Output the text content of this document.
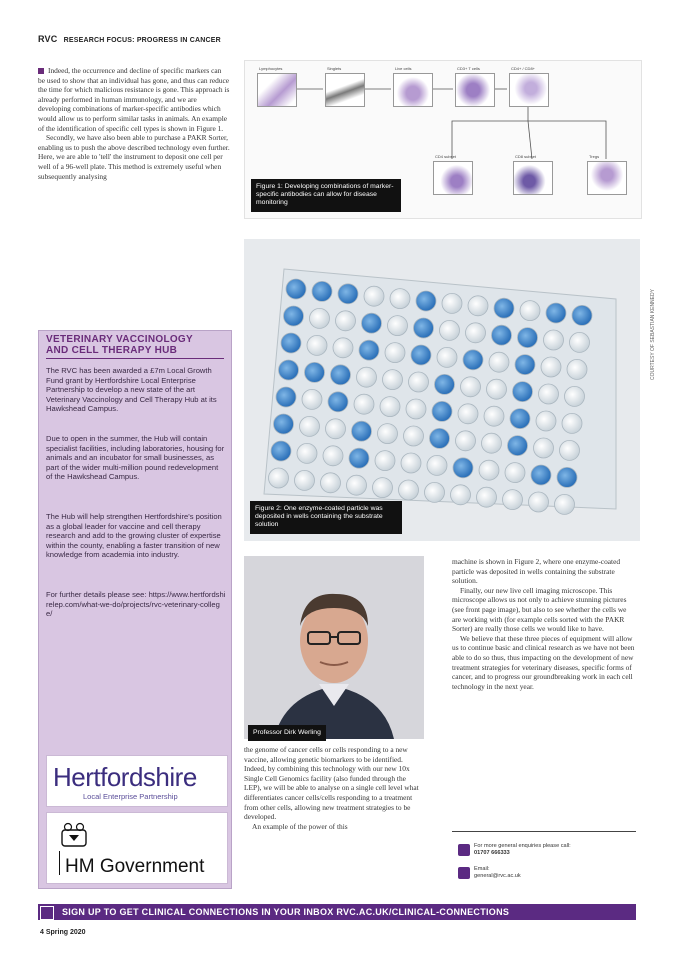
RVC RESEARCH FOCUS: PROGRESS IN CANCER

Indeed, the occurrence and decline of specific markers can be used to show that an individual has gone, and thus can reduce the time for which malicious resistance is gone. This approach is already performed in human immunology, and we are developing combinations of marker-specific antibodies which would allow us to perform similar tasks in animals. An example of the identification of specific cell types is shown in Figure 1.

Secondly, we have also been able to purchase a PAKR Sorter, enabling us to push the above described technology even further. Here, we are able to 'tell' the instrument to deposit one cell per well of a 96-well plate. This method is extremely useful when subsequently analysing

VETERINARY VACCINOLOGY
AND CELL THERAPY HUB
The RVC has been awarded a £7m Local Growth Fund grant by Hertfordshire Local Enterprise Partnership to develop a new state of the art Veterinary Vaccinology and Cell Therapy Hub at its Hawkshead Campus.
Due to open in the summer, the Hub will contain specialist facilities, including laboratories, housing for animals and an incubator for small businesses, as part of the wider multi-million pound redevelopment of the Hawkshead Campus.
The Hub will help strengthen Hertfordshire's position as a global leader for vaccine and cell therapy research and add to the growing cluster of expertise within the county, enabling a faster transition of new knowledge from academia into industry.
For further details please see: https://www.hertfordshirelep.com/what-we-do/projects/rvc-veterinary-college/
Hertfordshire
Local Enterprise Partnership
HM Government
Lymphocytes	Singlets	Live cells	CD3+ T cells	CD4+ / CD8+
CD4 subset	CD8 subset	Tregs
Figure 1: Developing combinations of marker-specific antibodies can allow for disease monitoring
Figure 2: One enzyme-coated particle was deposited in wells containing the substrate solution
COURTESY OF SEBASTIAN KENNEDY
Professor Dirk Werling

the genome of cancer cells or cells responding to a new vaccine, allowing genetic biomarkers to be identified. Indeed, by combining this technology with our new 10x Single Cell Genomics facility (also funded through the LEP), we will be able to analyse on a single cell level what differentiates cancer cells/cells responding to a treatment from other cells, allowing new treatment strategies to be developed.

An example of the power of this

machine is shown in Figure 2, where one enzyme-coated particle was deposited in wells containing the substrate solution.

Finally, our new live cell imaging microscope. This microscope allows us not only to achieve stunning pictures (see front page image), but also to see whether the cells we are working with (for example cells sorted with the PAKR Sorter) are really those cells we would like to have.

We believe that these three pieces of equipment will allow us to continue basic and clinical research as we have not been able to do so thus, thus impacting on the development of new treatment strategies for veterinary diseases, specific forms of cancer, and to progress our groundbreaking work in each cell technology in the next year.

For more general enquiries please call:
01707 666333
Email:
general@rvc.ac.uk
SIGN UP TO GET CLINICAL CONNECTIONS IN YOUR INBOX RVC.AC.UK/CLINICAL-CONNECTIONS
4 Spring 2020
